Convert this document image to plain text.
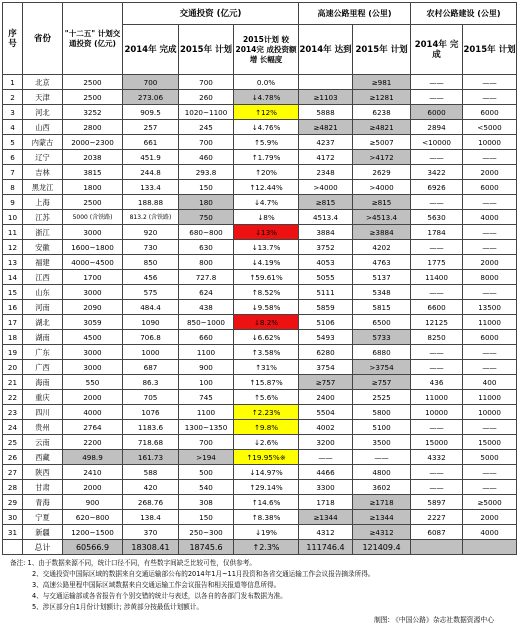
序 号	省份	"十二五" 计划交通投资 (亿元)	交通投资 (亿元)			高速公路里程 (公里)		农村公路建设 (公里)	
			2014年 完成	2015年 计划	2015计划 较2014完 成投资额增 长幅度	2014年 达到	2015年 计划	2014年 完成	2015年 计划
1	北京	2500	700	700	0.0%		≥981	——	——
2	天津	2500	273.06	260	↓4.78%	≥1103	≥1281	——	——
3	河北	3252	909.5	1020~1100	↑12%	5888	6238	6000	6000
4	山西	2800	257	245	↓4.76%	≥4821	≥4821	2894	<5000
5	内蒙古	2000~2300	661	700	↑5.9%	4237	≥5007	<10000	10000
6	辽宁	2038	451.9	460	↑1.79%	4172	>4172	——	——
7	吉林	3815	244.8	293.8	↑20%	2348	2629	3422	2000
8	黑龙江	1800	133.4	150	↑12.44%	>4000	>4000	6926	6000
9	上海	2500	188.88	180	↓4.7%	≥815	≥815	——	——
10	江苏	5000 (含铁路)	813.2 (含铁路)	750	↓8%	4513.4	>4513.4	5630	4000
11	浙江	3000	920	680~800	↓13%	3884	≥3884	1784	——
12	安徽	1600~1800	730	630	↓13.7%	3752	4202	——	——
13	福建	4000~4500	850	800	↓4.19%	4053	4763	1775	2000
14	江西	1700	456	727.8	↑59.61%	5055	5137	11400	8000
15	山东	3000	575	624	↑8.52%	5111	5348	——	——
16	河南	2090	484.4	438	↓9.58%	5859	5815	6600	13500
17	湖北	3059	1090	850~1000	↓8.2%	5106	6500	12125	11000
18	湖南	4500	706.8	660	↓6.62%	5493	5733	8250	6000
19	广东	3000	1000	1100	↑3.58%	6280	6880	——	——
20	广西	3000	687	900	↑31%	3754	>3754	——	——
21	海南	550	86.3	100	↑15.87%	≥757	≥757	436	400
22	重庆	2000	705	745	↑5.6%	2400	2525	11000	11000
23	四川	4000	1076	1100	↑2.23%	5504	5800	10000	10000
24	贵州	2764	1183.6	1300~1350	↑9.8%	4002	5100	——	——
25	云南	2200	718.68	700	↓2.6%	3200	3500	15000	15000
26	西藏	498.9	161.73	>194	↑19.95%※	——	——	4332	5000
27	陕西	2410	588	500	↓14.97%	4466	4800	——	——
28	甘肃	2000	420	540	↑29.14%	3300	3602	——	——
29	青海	900	268.76	308	↑14.6%	1718	≥1718	5897	≥5000
30	宁夏	620~800	138.4	150	↑8.38%	≥1344	≥1344	2227	2000
31	新疆	1200~1500	370	250~300	↓19%	4312	≥4312	6087	4000
	总计	60566.9	18308.41	18745.6	↑2.3%	111746.4	121409.4		
备注: 1、由于数据来源不同，统计口径不同，有些数字间缺乏比较可性，仅供参考。
2、交通投资中国际区域的数据来自交通运输部公布的2014年1月~11月投资和各省交通运输工作会议报告摘录所得。
3、高速公路里程中国际区域数据来自交通运输工作会议报告和相关报道等信息所得。
4、与交通运输部或各省报告有个别交错的统计与表述，以各自的各部门发布数据为准。
5、涉区部分自1月份计划额计; 涉黄部分按最低计划额计。
制图: 《中国公路》杂志社数据资源中心
